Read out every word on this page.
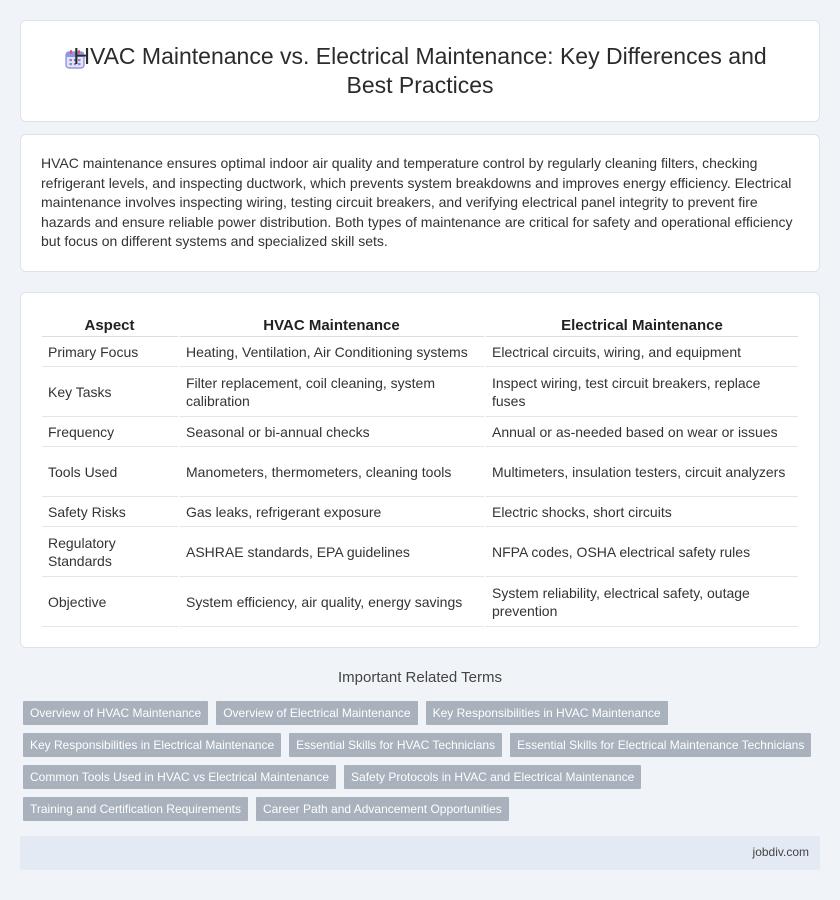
HVAC Maintenance vs. Electrical Maintenance: Key Differences and Best Practices

HVAC maintenance ensures optimal indoor air quality and temperature control by regularly cleaning filters, checking refrigerant levels, and inspecting ductwork, which prevents system breakdowns and improves energy efficiency. Electrical maintenance involves inspecting wiring, testing circuit breakers, and verifying electrical panel integrity to prevent fire hazards and ensure reliable power distribution. Both types of maintenance are critical for safety and operational efficiency but focus on different systems and specialized skill sets.

Aspect	HVAC Maintenance	Electrical Maintenance
Primary Focus	Heating, Ventilation, Air Conditioning systems	Electrical circuits, wiring, and equipment
Key Tasks	Filter replacement, coil cleaning, system calibration	Inspect wiring, test circuit breakers, replace fuses
Frequency	Seasonal or bi-annual checks	Annual or as-needed based on wear or issues
Tools Used	Manometers, thermometers, cleaning tools	Multimeters, insulation testers, circuit analyzers
Safety Risks	Gas leaks, refrigerant exposure	Electric shocks, short circuits
Regulatory Standards	ASHRAE standards, EPA guidelines	NFPA codes, OSHA electrical safety rules
Objective	System efficiency, air quality, energy savings	System reliability, electrical safety, outage prevention
Important Related Terms
Overview of HVAC Maintenance	Overview of Electrical Maintenance	Key Responsibilities in HVAC Maintenance
Key Responsibilities in Electrical Maintenance	Essential Skills for HVAC Technicians	Essential Skills for Electrical Maintenance Technicians
Common Tools Used in HVAC vs Electrical Maintenance	Safety Protocols in HVAC and Electrical Maintenance
Training and Certification Requirements	Career Path and Advancement Opportunities
jobdiv.com
